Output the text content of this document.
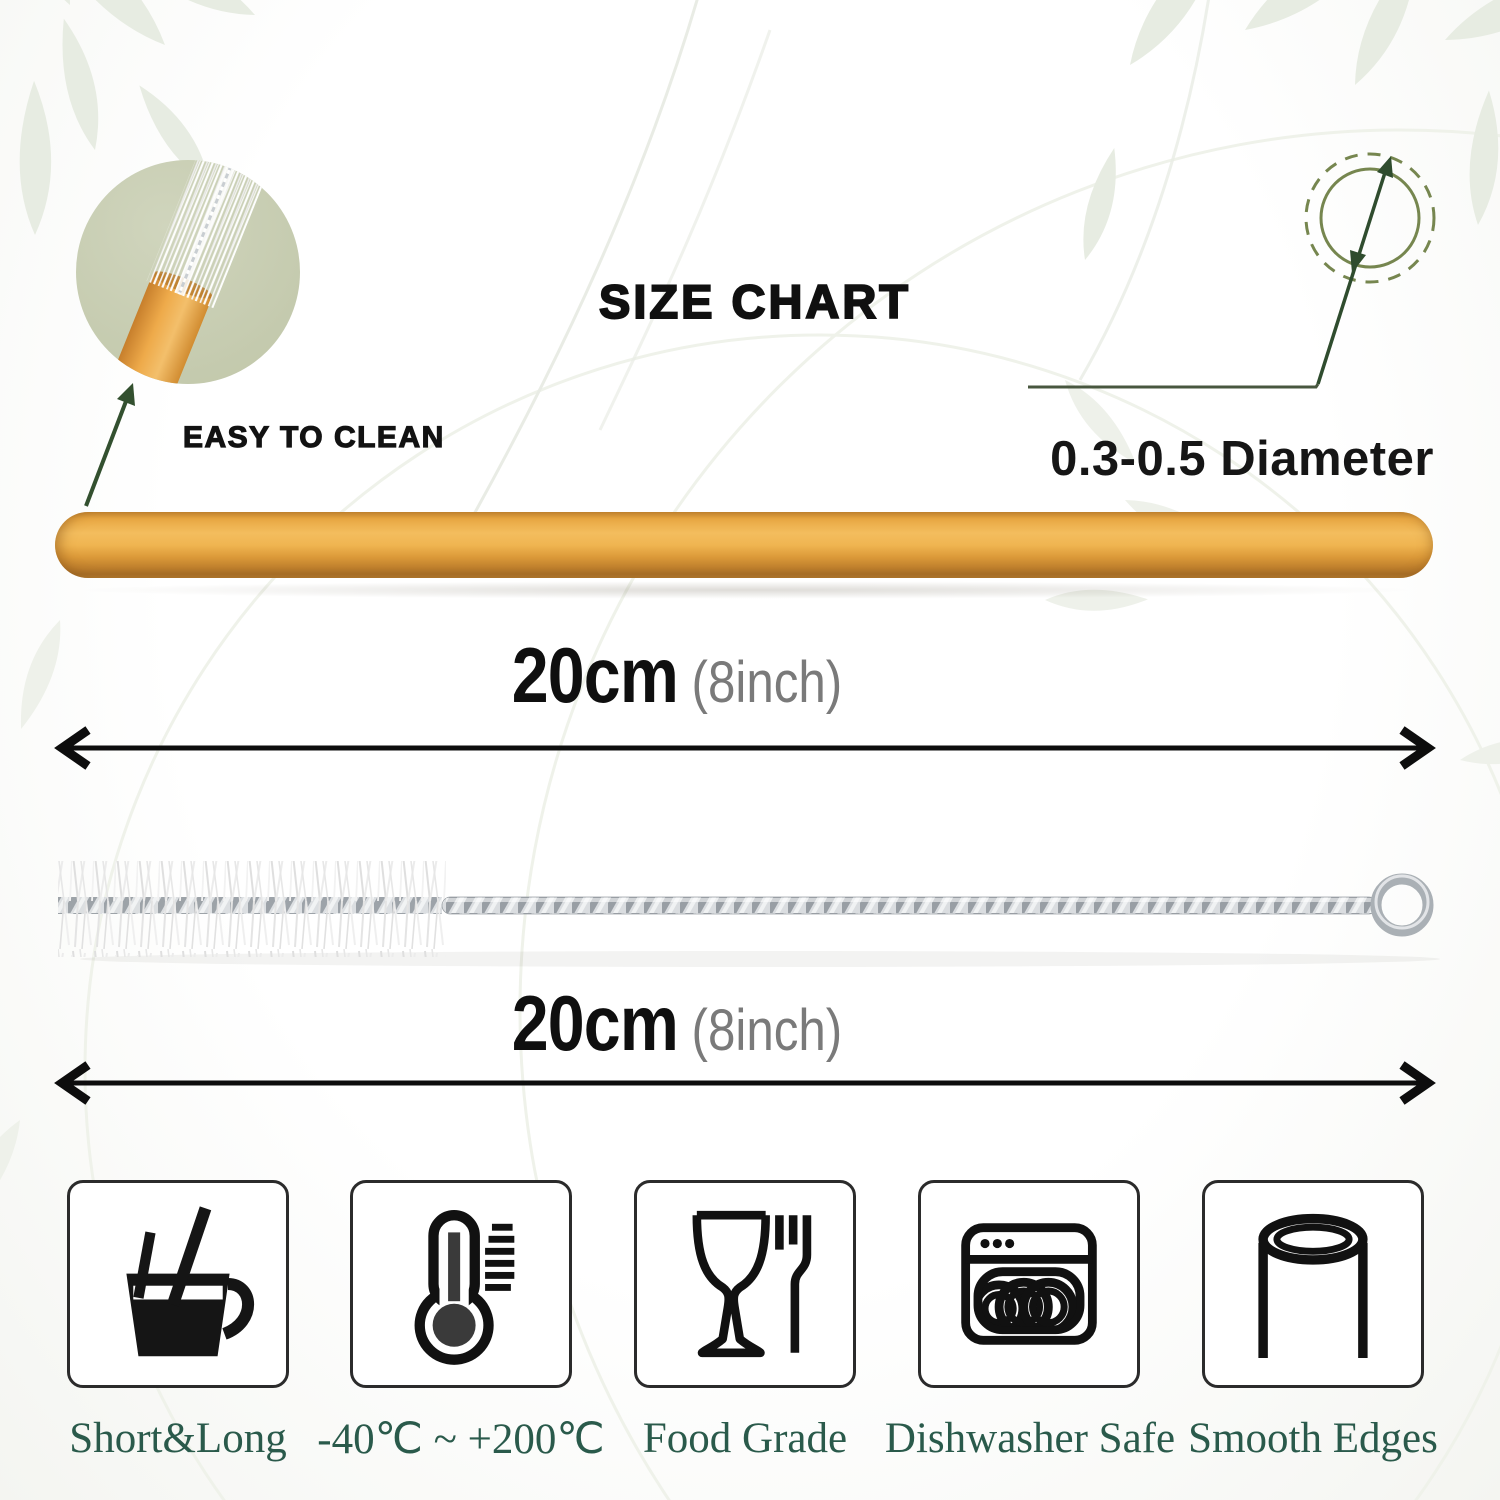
SIZE CHART
EASY TO CLEAN	0.3-0.5 Diameter
20cm (8inch)
20cm (8inch)
Short&Long -40℃ ~ +200℃ Food Grade Dishwasher Safe Smooth Edges
